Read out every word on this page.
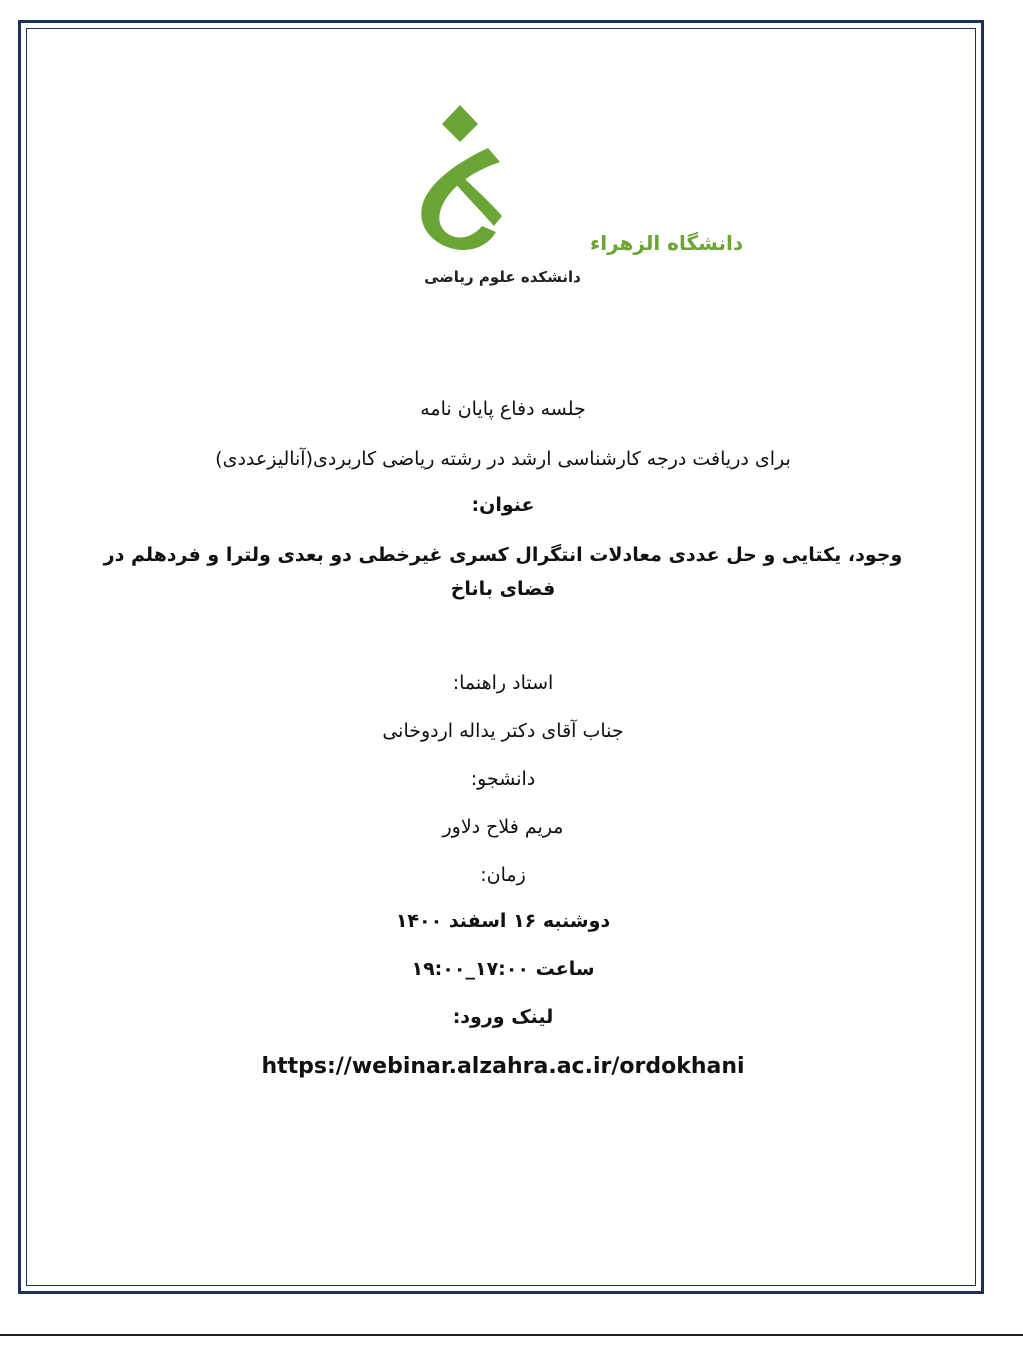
دانشگاه الزهراء
دانشکده علوم ریاضی
جلسه دفاع پایان نامه
برای دریافت درجه کارشناسی ارشد در رشته ریاضی کاربردی(آنالیزعددی)
عنوان:
وجود، یکتایی و حل عددی معادلات انتگرال کسری غیرخطی دو بعدی ولترا و فردهلم در
فضای باناخ
استاد راهنما:
جناب آقای دکتر یداله اردوخانی
دانشجو:
مریم فلاح دلاور
زمان:
دوشنبه ۱۶ اسفند ۱۴۰۰
ساعت ۱۷:۰۰_۱۹:۰۰
لینک ورود:
https://webinar.alzahra.ac.ir/ordokhani
